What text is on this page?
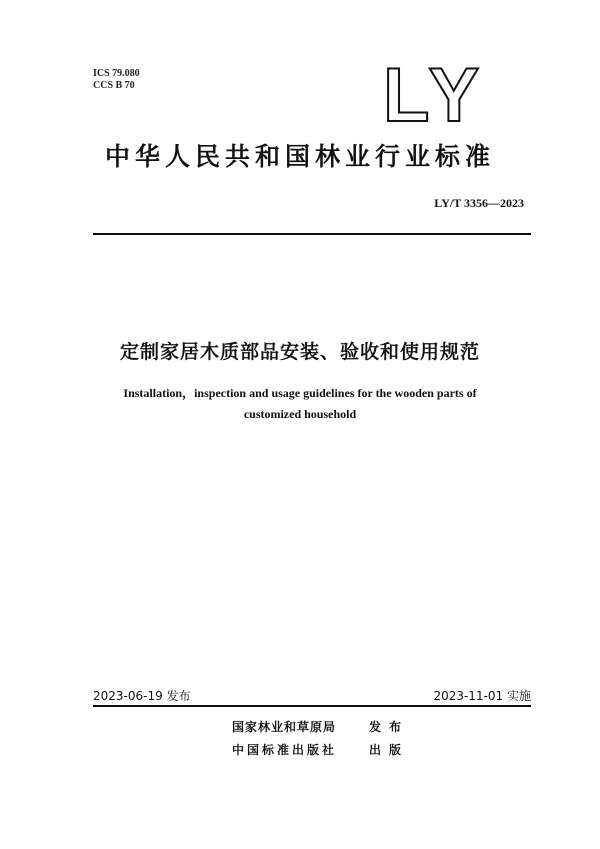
ICS 79.080
CCS B 70	LY
中华人民共和国林业行业标准
LY/T 3356—2023
定制家居木质部品安装、验收和使用规范
Installation，inspection and usage guidelines for the wooden parts of
customized household
2023-06-19 发布	2023-11-01 实施
国家林业和草原局	发布
中国标准出版社	出版
